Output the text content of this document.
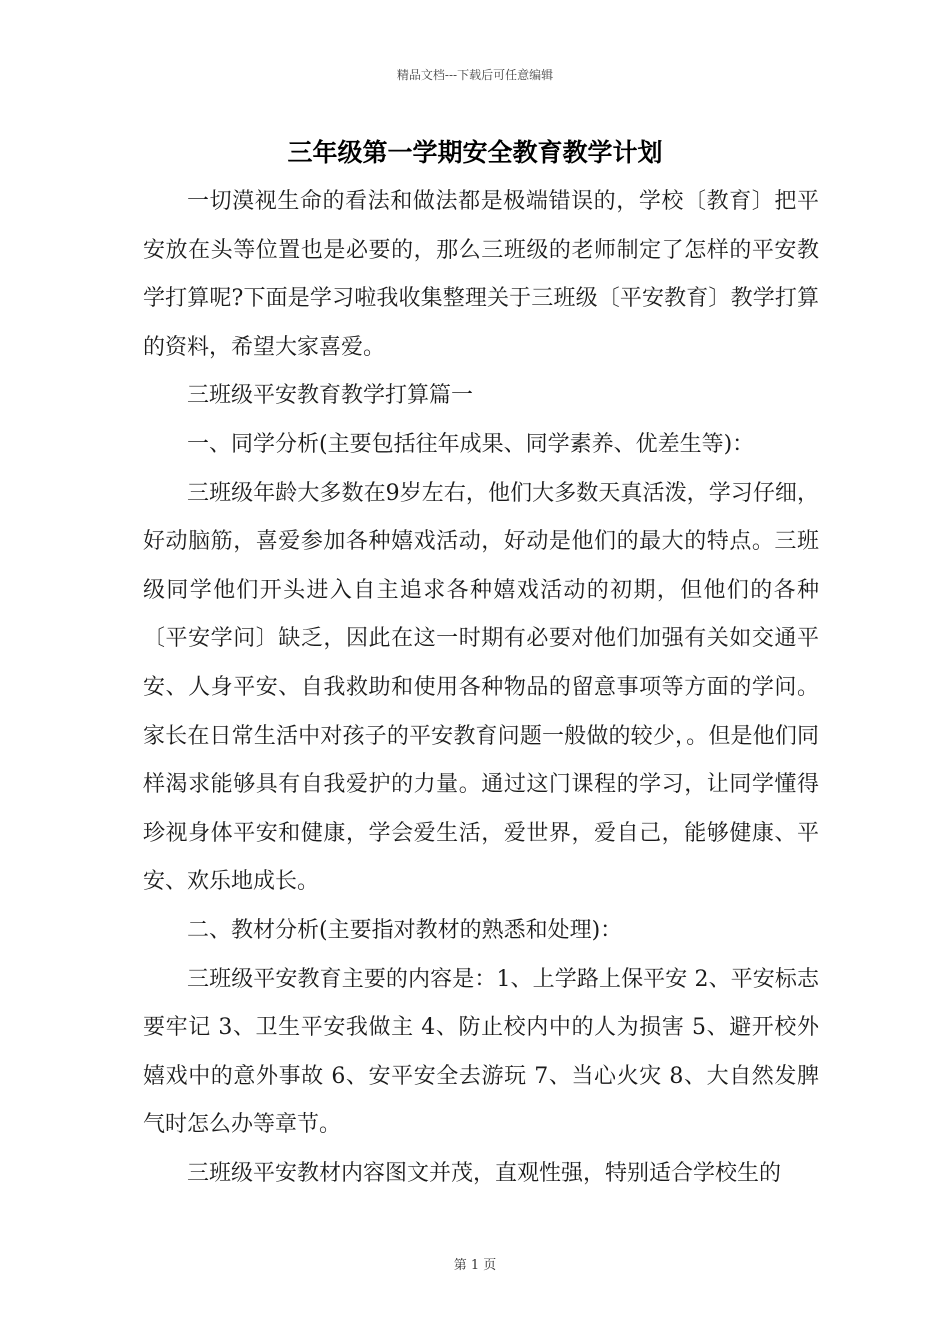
精品文档---下载后可任意编辑
三年级第一学期安全教育教学计划

一切漠视生命的看法和做法都是极端错误的，学校〔教育〕把平安放在头等位置也是必要的，那么三班级的老师制定了怎样的平安教学打算呢?下面是学习啦我收集整理关于三班级〔平安教育〕教学打算的资料，希望大家喜爱。

三班级平安教育教学打算篇一

一、同学分析(主要包括往年成果、同学素养、优差生等)：

三班级年龄大多数在9岁左右，他们大多数天真活泼，学习仔细，好动脑筋，喜爱参加各种嬉戏活动，好动是他们的最大的特点。三班级同学他们开头进入自主追求各种嬉戏活动的初期，但他们的各种〔平安学问〕缺乏，因此在这一时期有必要对他们加强有关如交通平安、人身平安、自我救助和使用各种物品的留意事项等方面的学问。家长在日常生活中对孩子的平安教育问题一般做的较少，。但是他们同样渴求能够具有自我爱护的力量。通过这门课程的学习，让同学懂得珍视身体平安和健康，学会爱生活，爱世界，爱自己，能够健康、平安、欢乐地成长。

二、教材分析(主要指对教材的熟悉和处理)：

三班级平安教育主要的内容是：1、上学路上保平安 2、平安标志要牢记 3、卫生平安我做主 4、防止校内中的人为损害 5、避开校外嬉戏中的意外事故 6、安平安全去游玩 7、当心火灾 8、大自然发脾气时怎么办等章节。

三班级平安教材内容图文并茂，直观性强，特别适合学校生的

第 1 页
